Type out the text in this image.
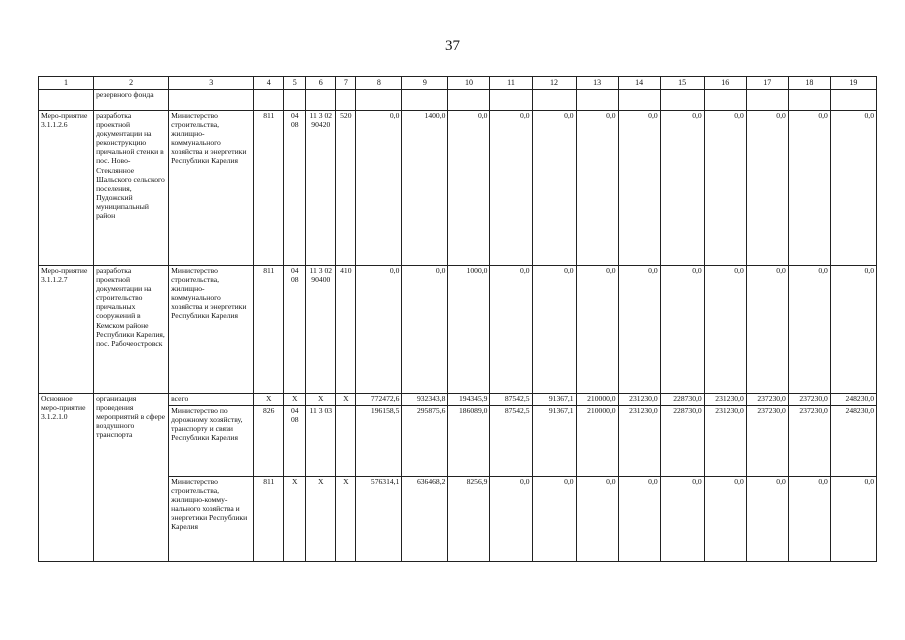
37
1	2	3	4	5	6	7	8	9	10	11	12	13	14	15	16	17	18	19
	резервного фонда																	
Меро-приятие 3.1.1.2.6	разработка проектной документации на реконструкцию причальной стенки в пос. Ново-Стеклянное Шальского сельского поселения, Пудожский муниципальный район	Министерство строительства, жилищно-коммунального хозяйства и энергетики Республики Карелия	811	04 08	11 3 02 90420	520	0,0	1400,0	0,0	0,0	0,0	0,0	0,0	0,0	0,0	0,0	0,0	0,0
Меро-приятие 3.1.1.2.7	разработка проектной документации на строительство причальных сооружений в Кемском районе Республики Карелия, пос. Рабочеостровск	Министерство строительства, жилищно-коммунального хозяйства и энергетики Республики Карелия	811	04 08	11 3 02 90400	410	0,0	0,0	1000,0	0,0	0,0	0,0	0,0	0,0	0,0	0,0	0,0	0,0
Основное меро-приятие 3.1.2.1.0	организация проведения мероприятий в сфере воздушного транспорта	всего	Х	Х	Х	Х	772472,6	932343,8	194345,9	87542,5	91367,1	210000,0	231230,0	228730,0	231230,0	237230,0	237230,0	248230,0
		Министерство по дорожному хозяйству, транспорту и связи Республики Карелия	826	04 08	11 3 03		196158,5	295875,6	186089,0	87542,5	91367,1	210000,0	231230,0	228730,0	231230,0	237230,0	237230,0	248230,0
		Министерство строительства, жилищно-комму-нального хозяйства и энергетики Республики Карелия	811	Х	Х	Х	576314,1	636468,2	8256,9	0,0	0,0	0,0	0,0	0,0	0,0	0,0	0,0	0,0
